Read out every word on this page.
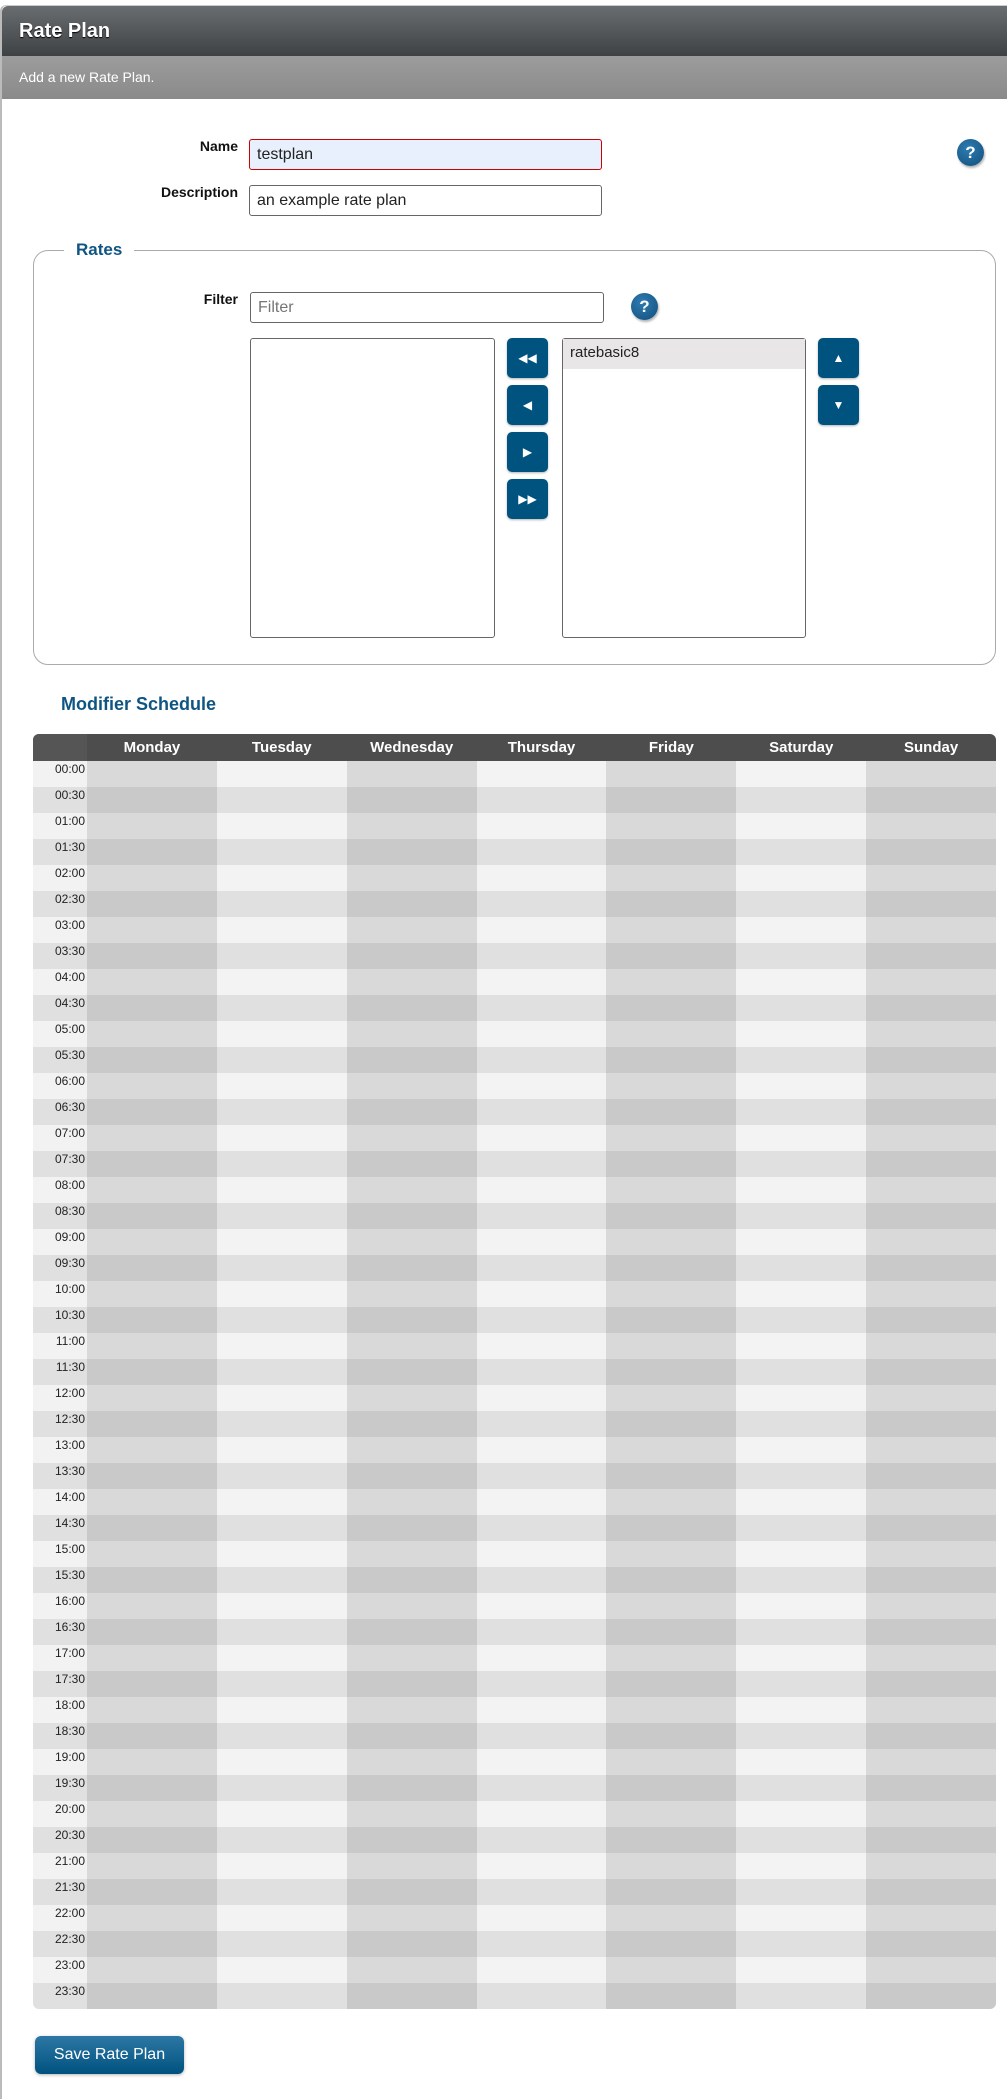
Rate Plan
Add a new Rate Plan.
Name
testplan
Description
an example rate plan
?
Rates
Filter
Filter	?
◀◀
◀
▶
▶▶
ratebasic8	▲
▼
Modifier Schedule
Monday	Tuesday	Wednesday	Thursday	Friday	Saturday	Sunday
00:00
00:30
01:00
01:30
02:00
02:30
03:00
03:30
04:00
04:30
05:00
05:30
06:00
06:30
07:00
07:30
08:00
08:30
09:00
09:30
10:00
10:30
11:00
11:30
12:00
12:30
13:00
13:30
14:00
14:30
15:00
15:30
16:00
16:30
17:00
17:30
18:00
18:30
19:00
19:30
20:00
20:30
21:00
21:30
22:00
22:30
23:00
23:30
Save Rate Plan
